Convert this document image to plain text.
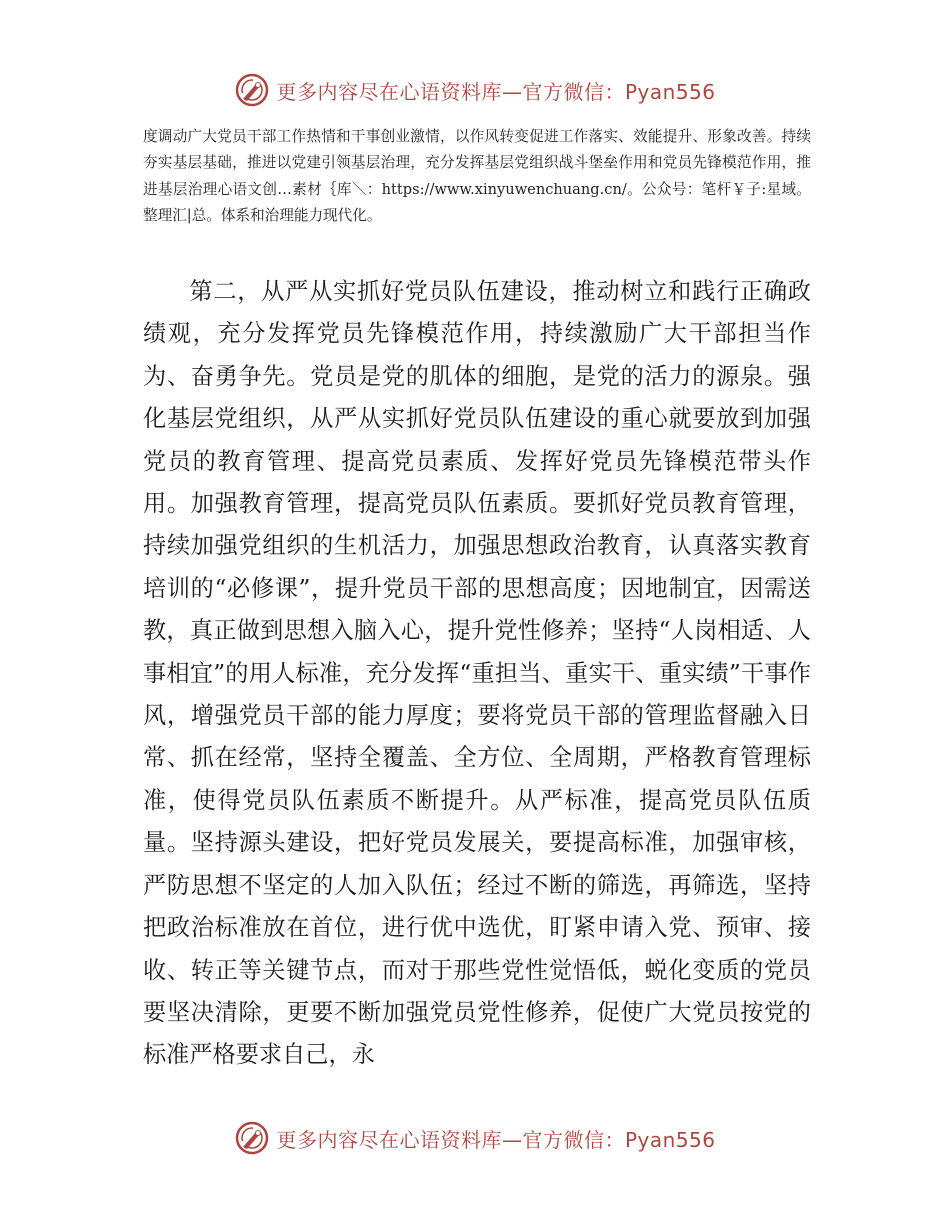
更多内容尽在心语资料库—官方微信：Pyan556

度调动广大党员干部工作热情和干事创业激情，以作风转变促进工作落实、效能提升、形象改善。持续夯实基层基础，推进以党建引领基层治理，充分发挥基层党组织战斗堡垒作用和党员先锋模范作用，推进基层治理心语文创…素材｛库＼：https://www.xinyuwenchuang.cn/。公众号：笔杆￥子:星域。整理汇|总。体系和治理能力现代化。

第二，从严从实抓好党员队伍建设，推动树立和践行正确政绩观，充分发挥党员先锋模范作用，持续激励广大干部担当作为、奋勇争先。党员是党的肌体的细胞，是党的活力的源泉。强化基层党组织，从严从实抓好党员队伍建设的重心就要放到加强党员的教育管理、提高党员素质、发挥好党员先锋模范带头作用。加强教育管理，提高党员队伍素质。要抓好党员教育管理，持续加强党组织的生机活力，加强思想政治教育，认真落实教育培训的“必修课”，提升党员干部的思想高度；因地制宜，因需送教，真正做到思想入脑入心，提升党性修养；坚持“人岗相适、人事相宜”的用人标准，充分发挥“重担当、重实干、重实绩”干事作风，增强党员干部的能力厚度；要将党员干部的管理监督融入日常、抓在经常，坚持全覆盖、全方位、全周期，严格教育管理标准，使得党员队伍素质不断提升。从严标准，提高党员队伍质量。坚持源头建设，把好党员发展关，要提高标准，加强审核，严防思想不坚定的人加入队伍；经过不断的筛选，再筛选，坚持把政治标准放在首位，进行优中选优，盯紧申请入党、预审、接收、转正等关键节点，而对于那些党性觉悟低，蜕化变质的党员要坚决清除，更要不断加强党员党性修养，促使广大党员按党的标准严格要求自己，永

更多内容尽在心语资料库—官方微信：Pyan556
